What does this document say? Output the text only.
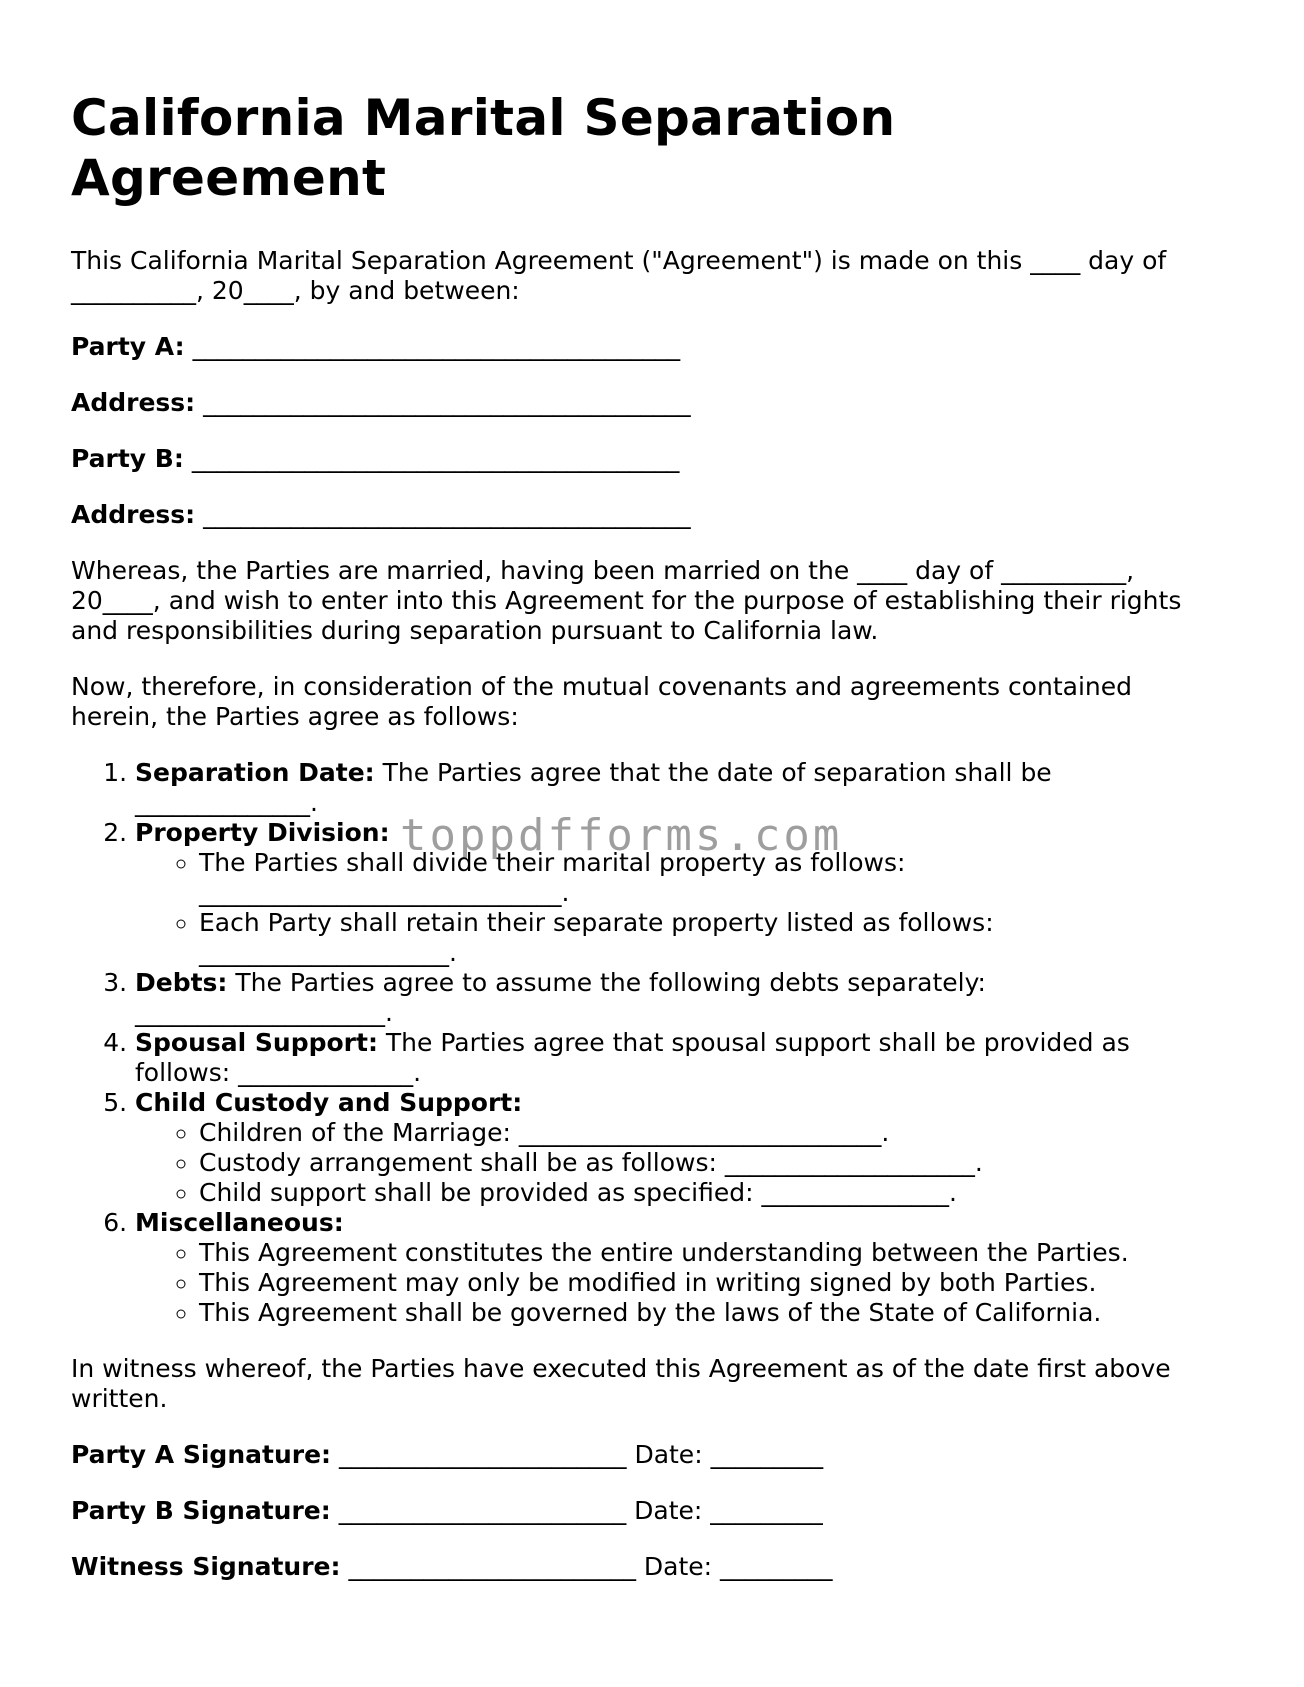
California Marital Separation Agreement

This California Marital Separation Agreement ("Agreement") is made on this ____ day of __________, 20____, by and between:

Party A: _______________________________________
Address: _______________________________________
Party B: _______________________________________
Address: _______________________________________

Whereas, the Parties are married, having been married on the ____ day of __________, 20____, and wish to enter into this Agreement for the purpose of establishing their rights and responsibilities during separation pursuant to California law.

Now, therefore, in consideration of the mutual covenants and agreements contained herein, the Parties agree as follows:

1. Separation Date: The Parties agree that the date of separation shall be ______________.
2. Property Division:
◦ The Parties shall divide their marital property as follows: _____________________________.
◦ Each Party shall retain their separate property listed as follows: ____________________.
3. Debts: The Parties agree to assume the following debts separately: ____________________.
4. Spousal Support: The Parties agree that spousal support shall be provided as follows: ______________.
5. Child Custody and Support:
◦ Children of the Marriage: _____________________________.
◦ Custody arrangement shall be as follows: ____________________.
◦ Child support shall be provided as specified: _______________.
6. Miscellaneous:
◦ This Agreement constitutes the entire understanding between the Parties.
◦ This Agreement may only be modified in writing signed by both Parties.
◦ This Agreement shall be governed by the laws of the State of California.

In witness whereof, the Parties have executed this Agreement as of the date first above written.

Party A Signature: _______________________ Date: _________
Party B Signature: _______________________ Date: _________
Witness Signature: _______________________ Date: _________
toppdfforms.com
